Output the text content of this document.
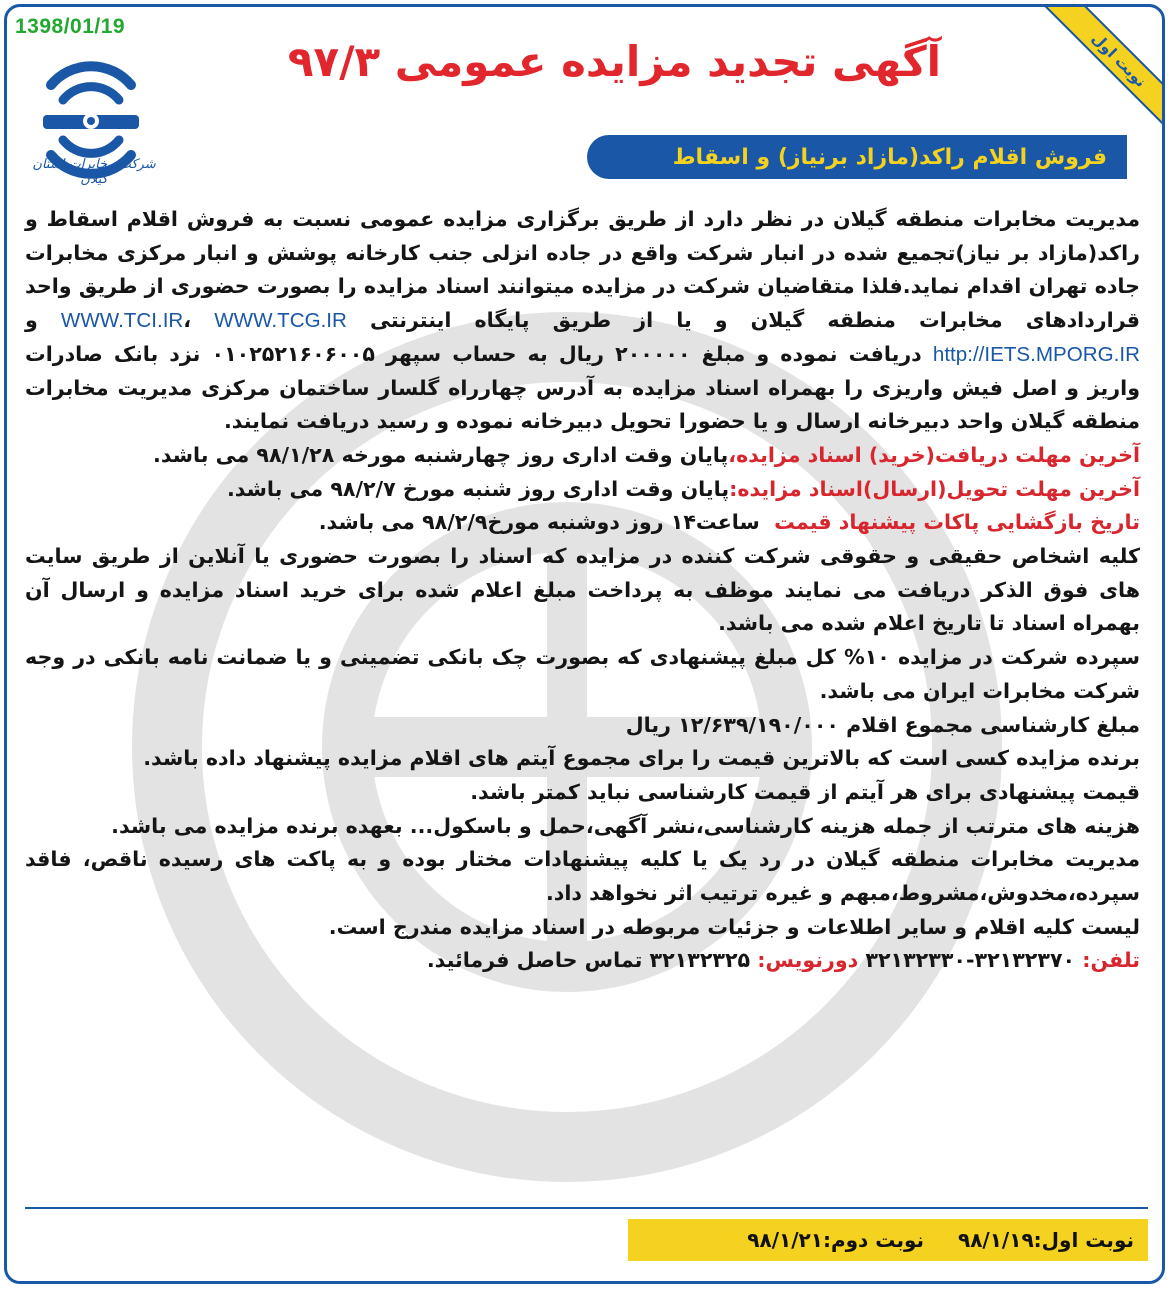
1398/01/19
نوبت اول
شرکت مخابرات استان گیلان
آگهی تجدید مزایده عمومی ۹۷/۳
فروش اقلام راکد(مازاد برنیاز) و اسقاط

مدیریت مخابرات منطقه گیلان در نظر دارد از طریق برگزاری مزایده عمومی نسبت به فروش اقلام اسقاط و راکد(مازاد بر نیاز)تجمیع شده در انبار شرکت واقع در جاده انزلی جنب کارخانه پوشش و انبار مرکزی مخابرات جاده تهران اقدام نماید.فلذا متقاضیان شرکت در مزایده میتوانند اسناد مزایده را بصورت حضوری از طریق واحد قراردادهای مخابرات منطقه گیلان و یا از طریق پایگاه اینترنتی WWW.TCI.IR، WWW.TCG.IR و http://IETS.MPORG.IR دریافت نموده و مبلغ ۲۰۰۰۰۰ ریال به حساب سپهر ۰۱۰۲۵۲۱۶۰۶۰۰۵ نزد بانک صادرات واریز و اصل فیش واریزی را بهمراه اسناد مزایده به آدرس چهارراه گلسار ساختمان مرکزی مدیریت مخابرات منطقه گیلان واحد دبیرخانه ارسال و یا حضورا تحویل دبیرخانه نموده و رسید دریافت نمایند.

آخرین مهلت دریافت(خرید) اسناد مزایده،پایان وقت اداری روز چهارشنبه مورخه ۹۸/۱/۲۸ می باشد.

آخرین مهلت تحویل(ارسال)اسناد مزایده:پایان وقت اداری روز شنبه مورخ ۹۸/۲/۷ می باشد.

تاریخ بازگشایی پاکات پیشنهاد قیمت  ساعت۱۴ روز دوشنبه مورخ۹۸/۲/۹ می باشد.

کلیه اشخاص حقیقی و حقوقی شرکت کننده در مزایده که اسناد را بصورت حضوری یا آنلاین از طریق سایت های فوق الذکر دریافت می نمایند موظف به پرداخت مبلغ اعلام شده برای خرید اسناد مزایده و ارسال آن بهمراه اسناد تا تاریخ اعلام شده می باشد.

سپرده شرکت در مزایده ۱۰% کل مبلغ پیشنهادی که بصورت چک بانکی تضمینی و یا ضمانت نامه بانکی در وجه شرکت مخابرات ایران می باشد.

مبلغ کارشناسی مجموع اقلام ۱۲/۶۳۹/۱۹۰/۰۰۰ ریال

برنده مزایده کسی است که بالاترین قیمت را برای مجموع آیتم های اقلام مزایده پیشنهاد داده باشد.

قیمت پیشنهادی برای هر آیتم از قیمت کارشناسی نباید کمتر باشد.

هزینه های مترتب از جمله هزینه کارشناسی،نشر آگهی،حمل و باسکول... بعهده برنده مزایده می باشد.

مدیریت مخابرات منطقه گیلان در رد یک یا کلیه پیشنهادات مختار بوده و به پاکت های رسیده ناقص، فاقد سپرده،مخدوش،مشروط،مبهم و غیره ترتیب اثر نخواهد داد.

لیست کلیه اقلام و سایر اطلاعات و جزئیات مربوطه در اسناد مزایده مندرج است.

تلفن: ۳۲۱۳۲۳۷۰-۳۲۱۳۲۳۳۰ دورنویس: ۳۲۱۳۲۳۲۵ تماس حاصل فرمائید.

نوبت اول:۹۸/۱/۱۹
نوبت دوم:۹۸/۱/۲۱
